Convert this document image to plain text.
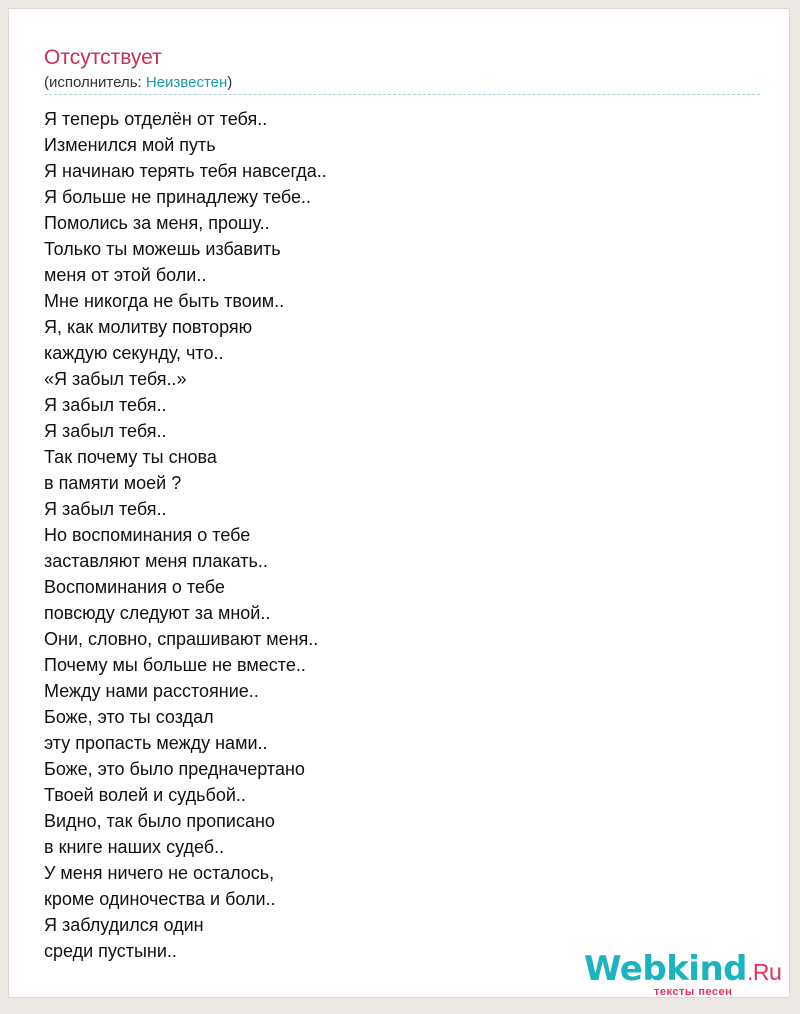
Отсутствует
(исполнитель: Неизвестен)
Я теперь отделён от тебя..
Изменился мой путь
Я начинаю терять тебя навсегда..
Я больше не принадлежу тебе..
Помолись за меня, прошу..
Только ты можешь избавить
меня от этой боли..
Мне никогда не быть твоим..
Я, как молитву повторяю
каждую секунду, что..
«Я забыл тебя..»
Я забыл тебя..
Я забыл тебя..
Так почему ты снова
в памяти моей ?
Я забыл тебя..
Но воспоминания о тебе
заставляют меня плакать..
Воспоминания о тебе
повсюду следуют за мной..
Они, словно, спрашивают меня..
Почему мы больше не вместе..
Между нами расстояние..
Боже, это ты создал
эту пропасть между нами..
Боже, это было предначертано
Твоей волей и судьбой..
Видно, так было прописано
в книге наших судеб..
У меня ничего не осталось,
кроме одиночества и боли..
Я заблудился один
среди пустыни..	Webkind.Ru
тексты песен
